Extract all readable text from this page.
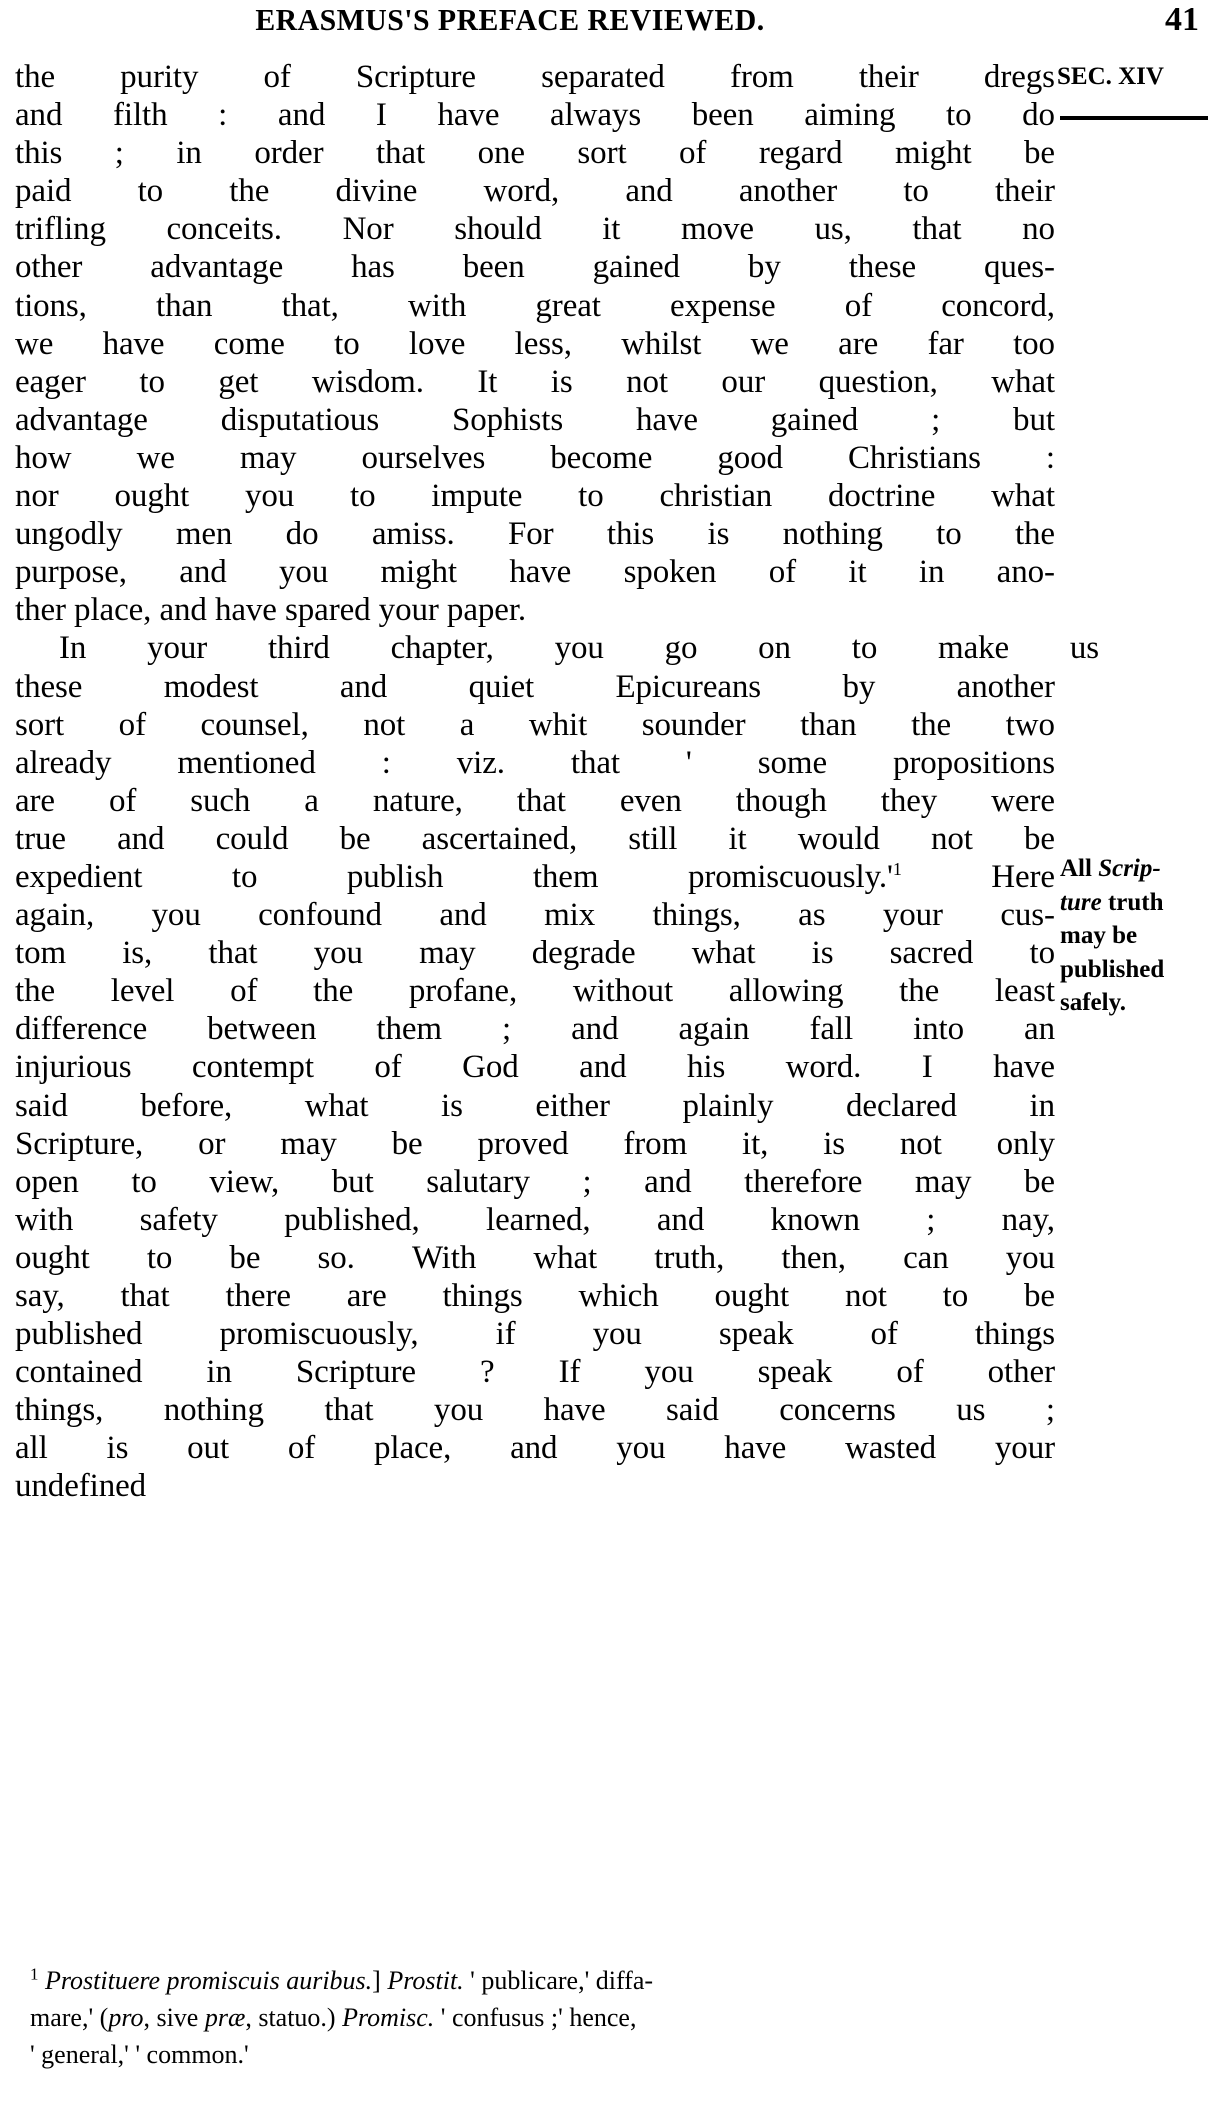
ERASMUS'S PREFACE REVIEWED.	41
SEC. XIV
All Scrip-
ture truth
may be
published
safely.
the purity of Scripture separated from their dregs
and filth : and I have always been aiming to do
this ; in order that one sort of regard might be
paid to the divine word, and another to their
trifling conceits. Nor should it move us, that no
other advantage has been gained by these ques-
tions, than that, with great expense of concord,
we have come to love less, whilst we are far too
eager to get wisdom. It is not our question, what
advantage disputatious Sophists have gained ; but
how we may ourselves become good Christians :
nor ought you to impute to christian doctrine what
ungodly men do amiss. For this is nothing to the
purpose, and you might have spoken of it in ano-
ther place, and have spared your paper.
In your third chapter, you go on to make us
these modest and quiet Epicureans by another
sort of counsel, not a whit sounder than the two
already mentioned : viz. that ' some propositions
are of such a nature, that even though they were
true and could be ascertained, still it would not be
expedient	to	publish	them	$promiscuously.'^1$	Here
again, you confound and mix things, as your cus-
tom is, that you may degrade what is sacred to
the level of the profane, without allowing the least
difference between them ; and again fall into an
injurious contempt of God and his word. I have
said before, what is either plainly declared in
Scripture, or may be proved from it, is not only
open to view, but salutary ; and therefore may be
with safety published, learned, and known ; nay,
ought to be so. With what truth, then, can you
say, that there are things which ought not to be
published promiscuously, if you speak of things
contained in Scripture ? If you speak of other
things, nothing that you have said concerns us ;
all is out of place, and you have wasted your
undefined
$^1$ Prostituere promiscuis auribus.] Prostit. ' publicare,' diffa-
mare,' (pro, sive præ, statuo.) Promisc. ' confusus ;' hence,
' general,' ' common.'
